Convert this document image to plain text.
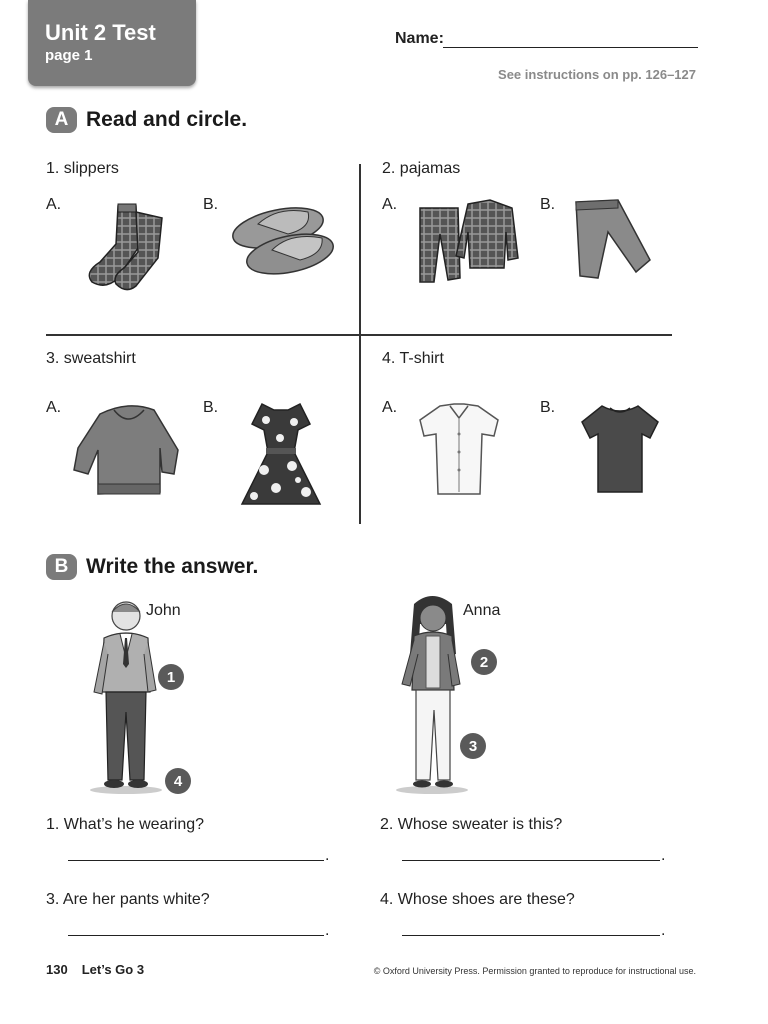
Unit 2 Test
page 1
Name:
See instructions on pp. 126–127
A Read and circle.
1. slippers
A.	B.
2. pajamas
A.	B.
3. sweatshirt
A.	B.
4. T-shirt
A.	B.
B Write the answer.
John
1
4
Anna
2
3
1. What’s he wearing?
.
2. Whose sweater is this?
.
3. Are her pants white?
.
4. Whose shoes are these?
.
130 Let’s Go 3	© Oxford University Press. Permission granted to reproduce for instructional use.
